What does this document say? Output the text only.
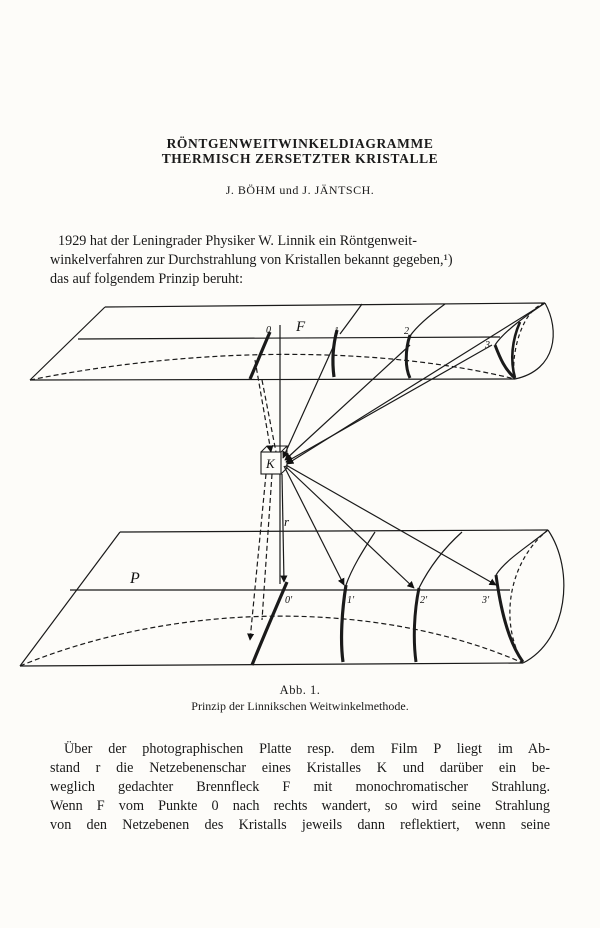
RÖNTGENWEITWINKELDIAGRAMME
THERMISCH ZERSETZTER KRISTALLE
J. BÖHM und J. JÄNTSCH.
1929 hat der Leningrader Physiker W. Linnik ein Röntgenweit-
winkelverfahren zur Durchstrahlung von Kristallen bekannt gegeben,¹)
das auf folgendem Prinzip beruht:
F
K
r
P
0	1	2
3
0'	1'	2'	3'
Abb. 1.
Prinzip der Linnikschen Weitwinkelmethode.
Über der photographischen Platte resp. dem Film P liegt im Ab-
stand r die Netzebenenschar eines Kristalles K und darüber ein be-
weglich gedachter Brennfleck F mit monochromatischer Strahlung.
Wenn F vom Punkte 0 nach rechts wandert, so wird seine Strahlung
von den Netzebenen des Kristalls jeweils dann reflektiert, wenn seine
